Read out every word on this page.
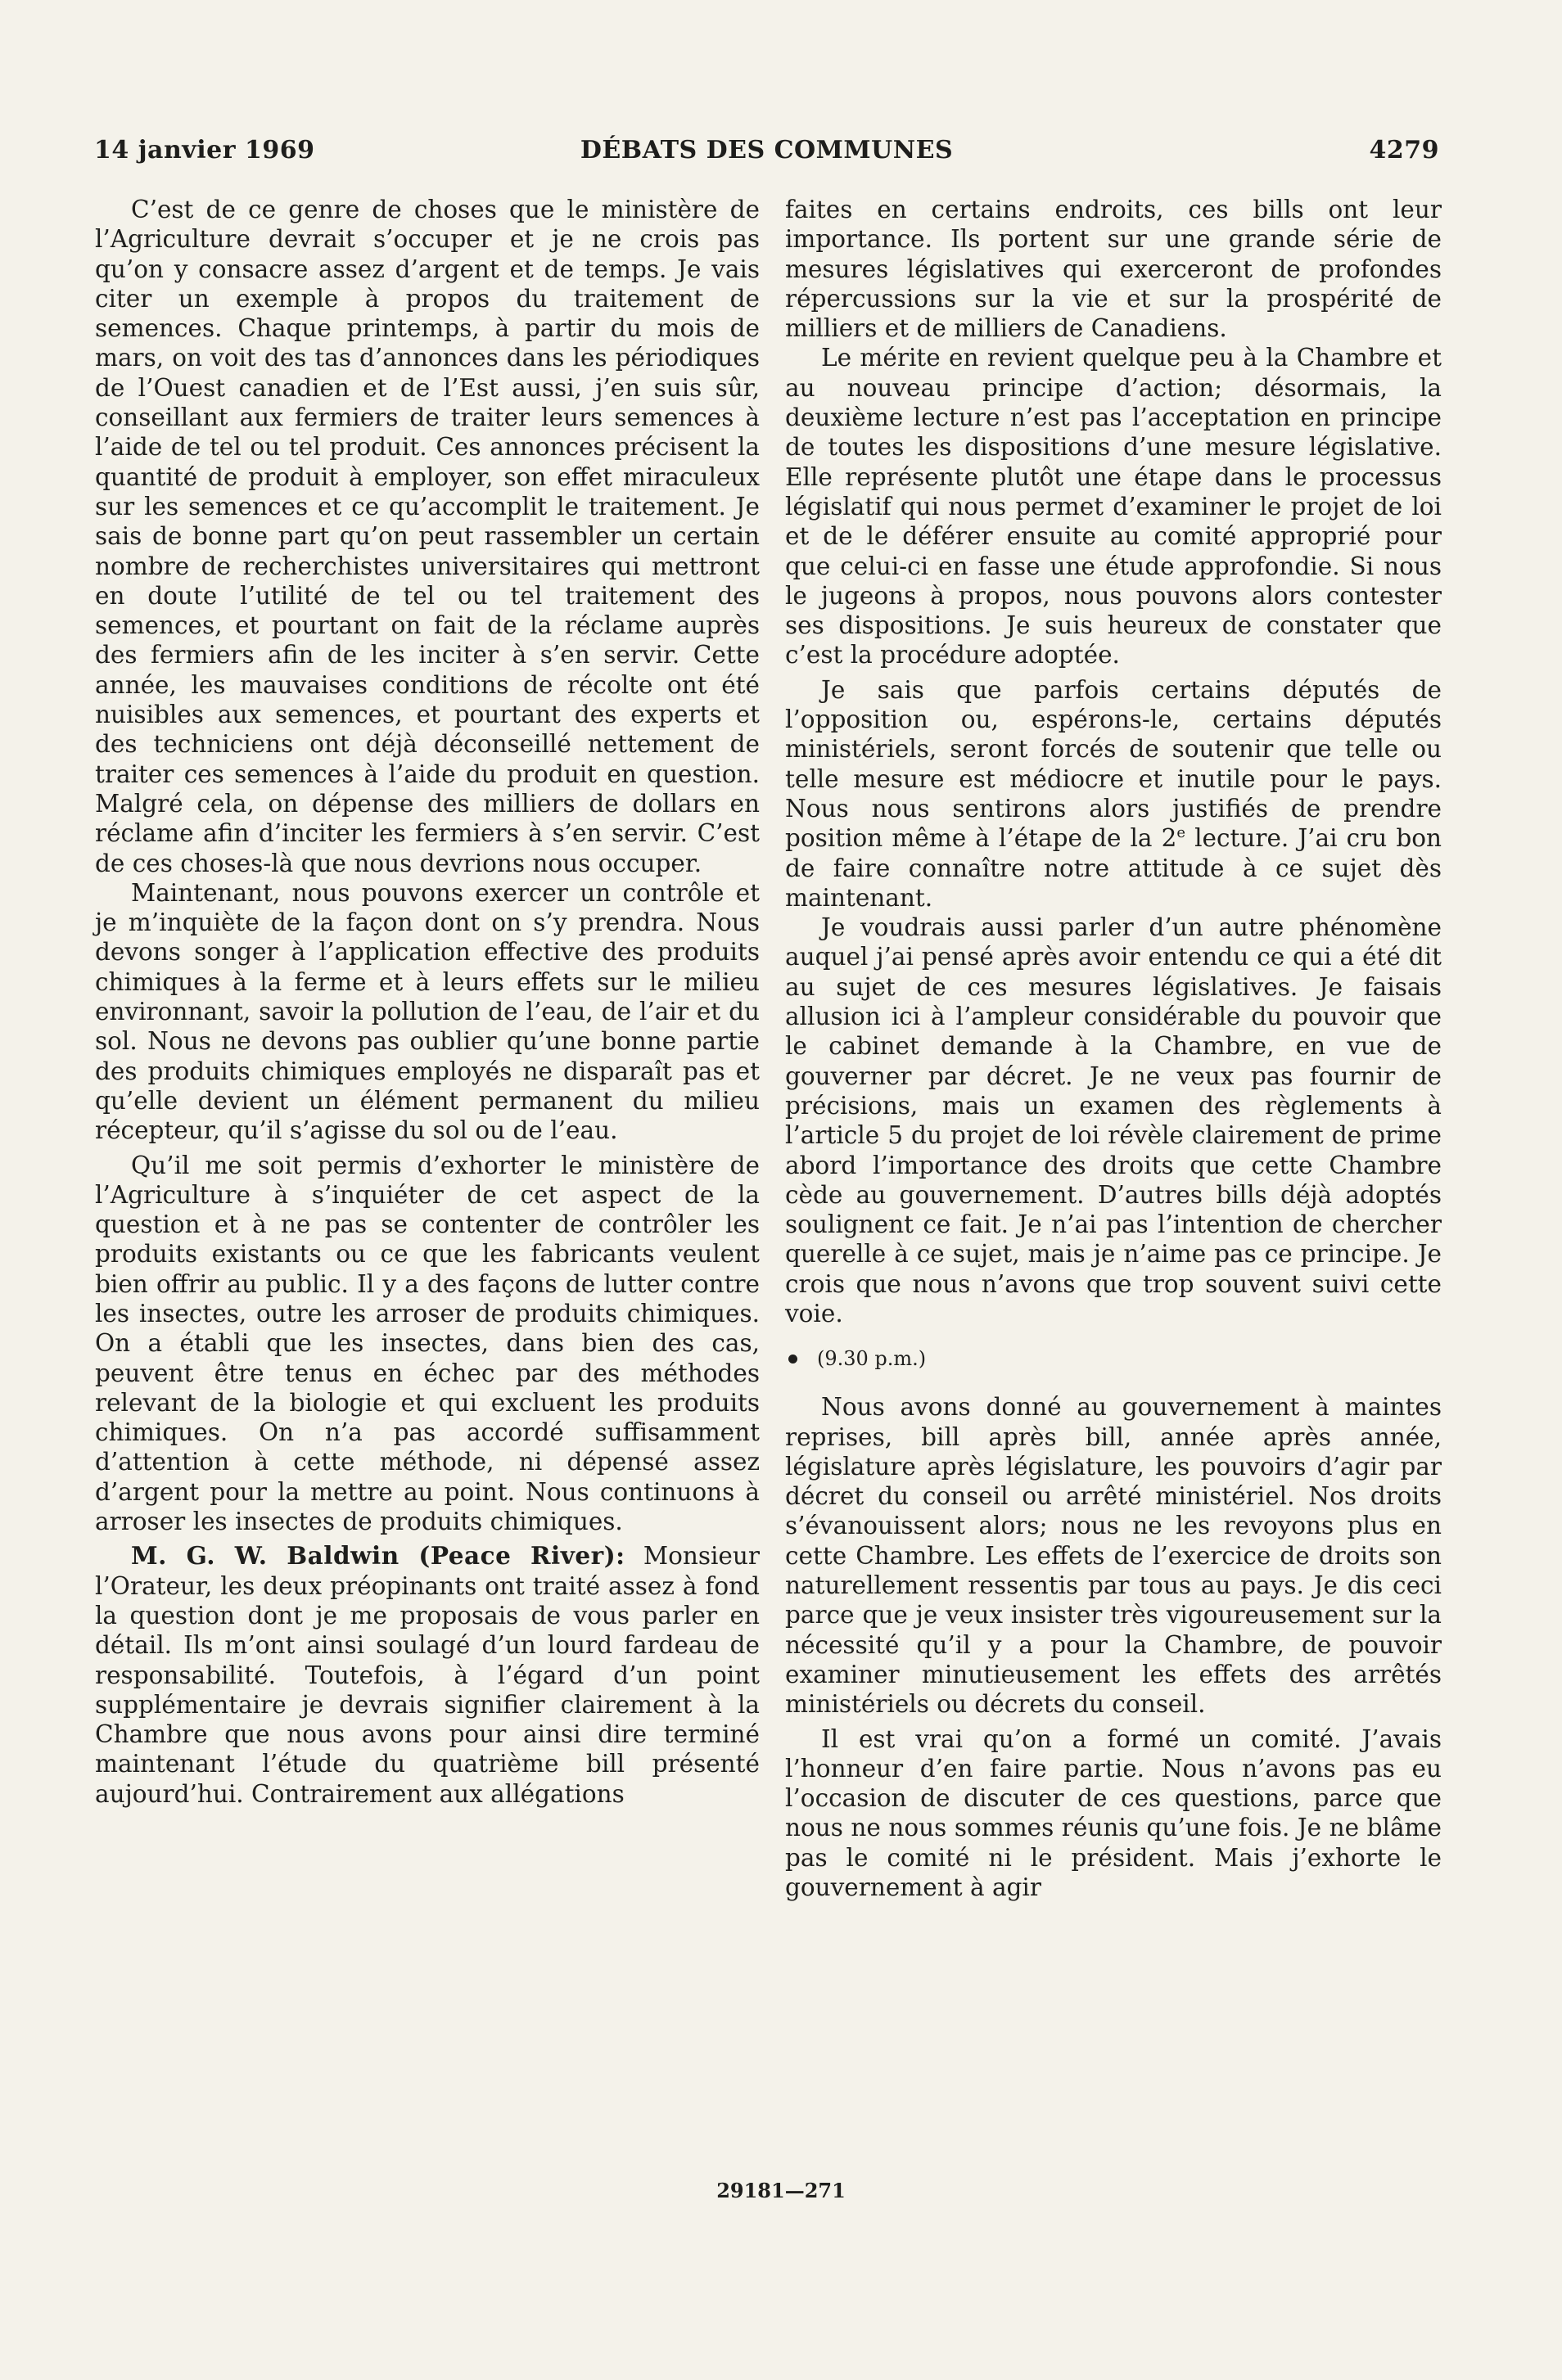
14 janvier 1969	DÉBATS DES COMMUNES	4279

C’est de ce genre de choses que le ministère de l’Agriculture devrait s’occuper et je ne crois pas qu’on y consacre assez d’argent et de temps. Je vais citer un exemple à propos du traitement de semences. Chaque printemps, à partir du mois de mars, on voit des tas d’annonces dans les périodiques de l’Ouest canadien et de l’Est aussi, j’en suis sûr, conseillant aux fermiers de traiter leurs semences à l’aide de tel ou tel produit. Ces annonces précisent la quantité de produit à employer, son effet miraculeux sur les semences et ce qu’accomplit le traitement. Je sais de bonne part qu’on peut rassembler un certain nombre de recherchistes universitaires qui mettront en doute l’utilité de tel ou tel traitement des semences, et pourtant on fait de la réclame auprès des fermiers afin de les inciter à s’en servir. Cette année, les mauvaises conditions de récolte ont été nuisibles aux semences, et pourtant des experts et des techniciens ont déjà déconseillé nettement de traiter ces semences à l’aide du produit en question. Malgré cela, on dépense des milliers de dollars en réclame afin d’inciter les fermiers à s’en servir. C’est de ces choses-là que nous devrions nous occuper.

Maintenant, nous pouvons exercer un contrôle et je m’inquiète de la façon dont on s’y prendra. Nous devons songer à l’application effective des produits chimiques à la ferme et à leurs effets sur le milieu environnant, savoir la pollution de l’eau, de l’air et du sol. Nous ne devons pas oublier qu’une bonne partie des produits chimiques employés ne disparaît pas et qu’elle devient un élément permanent du milieu récepteur, qu’il s’agisse du sol ou de l’eau.

Qu’il me soit permis d’exhorter le ministère de l’Agriculture à s’inquiéter de cet aspect de la question et à ne pas se contenter de contrôler les produits existants ou ce que les fabricants veulent bien offrir au public. Il y a des façons de lutter contre les insectes, outre les arroser de produits chimiques. On a établi que les insectes, dans bien des cas, peuvent être tenus en échec par des méthodes relevant de la biologie et qui excluent les produits chimiques. On n’a pas accordé suffisamment d’attention à cette méthode, ni dépensé assez d’argent pour la mettre au point. Nous continuons à arroser les insectes de produits chimiques.

M. G. W. Baldwin (Peace River): Monsieur l’Orateur, les deux préopinants ont traité assez à fond la question dont je me proposais de vous parler en détail. Ils m’ont ainsi soulagé d’un lourd fardeau de responsabilité. Toutefois, à l’égard d’un point supplémentaire je devrais signifier clairement à la Chambre que nous avons pour ainsi dire terminé maintenant l’étude du quatrième bill présenté aujourd’hui. Contrairement aux allégations

faites en certains endroits, ces bills ont leur importance. Ils portent sur une grande série de mesures législatives qui exerceront de profondes répercussions sur la vie et sur la prospérité de milliers et de milliers de Canadiens.

Le mérite en revient quelque peu à la Chambre et au nouveau principe d’action; désormais, la deuxième lecture n’est pas l’acceptation en principe de toutes les dispositions d’une mesure législative. Elle représente plutôt une étape dans le processus législatif qui nous permet d’examiner le projet de loi et de le déférer ensuite au comité approprié pour que celui-ci en fasse une étude approfondie. Si nous le jugeons à propos, nous pouvons alors contester ses dispositions. Je suis heureux de constater que c’est la procédure adoptée.

Je sais que parfois certains députés de l’opposition ou, espérons-le, certains députés ministériels, seront forcés de soutenir que telle ou telle mesure est médiocre et inutile pour le pays. Nous nous sentirons alors justifiés de prendre position même à l’étape de la 2e lecture. J’ai cru bon de faire connaître notre attitude à ce sujet dès maintenant.

Je voudrais aussi parler d’un autre phénomène auquel j’ai pensé après avoir entendu ce qui a été dit au sujet de ces mesures législatives. Je faisais allusion ici à l’ampleur considérable du pouvoir que le cabinet demande à la Chambre, en vue de gouverner par décret. Je ne veux pas fournir de précisions, mais un examen des règlements à l’article 5 du projet de loi révèle clairement de prime abord l’importance des droits que cette Chambre cède au gouvernement. D’autres bills déjà adoptés soulignent ce fait. Je n’ai pas l’intention de chercher querelle à ce sujet, mais je n’aime pas ce principe. Je crois que nous n’avons que trop souvent suivi cette voie.

(9.30 p.m.)

Nous avons donné au gouvernement à maintes reprises, bill après bill, année après année, législature après législature, les pouvoirs d’agir par décret du conseil ou arrêté ministériel. Nos droits s’évanouissent alors; nous ne les revoyons plus en cette Chambre. Les effets de l’exercice de droits son naturellement ressentis par tous au pays. Je dis ceci parce que je veux insister très vigoureusement sur la nécessité qu’il y a pour la Chambre, de pouvoir examiner minutieusement les effets des arrêtés ministériels ou décrets du conseil.

Il est vrai qu’on a formé un comité. J’avais l’honneur d’en faire partie. Nous n’avons pas eu l’occasion de discuter de ces questions, parce que nous ne nous sommes réunis qu’une fois. Je ne blâme pas le comité ni le président. Mais j’exhorte le gouvernement à agir

29181—271
